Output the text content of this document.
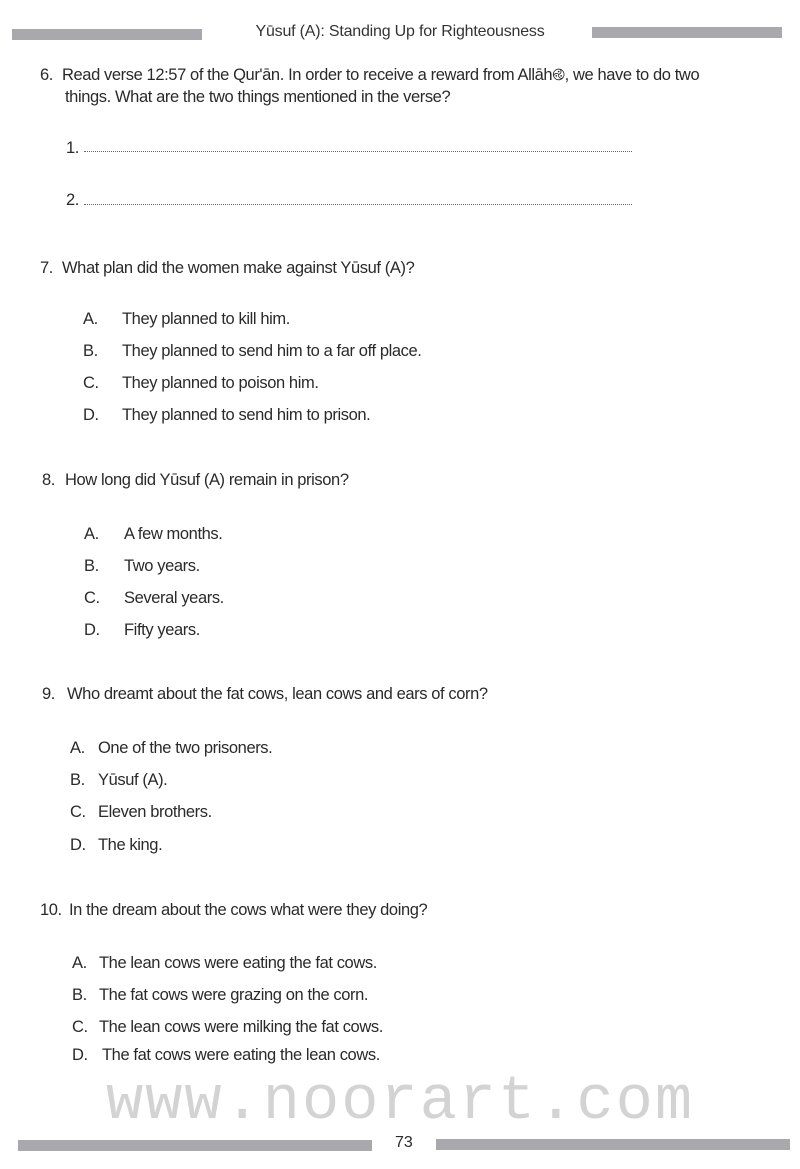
Yūsuf (A): Standing Up for Righteousness
6. Read verse 12:57 of the Qur'ān. In order to receive a reward from Allāh࿋, we have to do two
things. What are the two things mentioned in the verse?
1.
2.
7. What plan did the women make against Yūsuf (A)?
A. They planned to kill him.
B. They planned to send him to a far off place.
C. They planned to poison him.
D. They planned to send him to prison.
8. How long did Yūsuf (A) remain in prison?
A. A few months.
B. Two years.
C. Several years.
D. Fifty years.
9. Who dreamt about the fat cows, lean cows and ears of corn?
A. One of the two prisoners.
B. Yūsuf (A).
C. Eleven brothers.
D. The king.
10. In the dream about the cows what were they doing?
A. The lean cows were eating the fat cows.
B. The fat cows were grazing on the corn.
C. The lean cows were milking the fat cows.
D. The fat cows were eating the lean cows.
www.noorart.com
73
